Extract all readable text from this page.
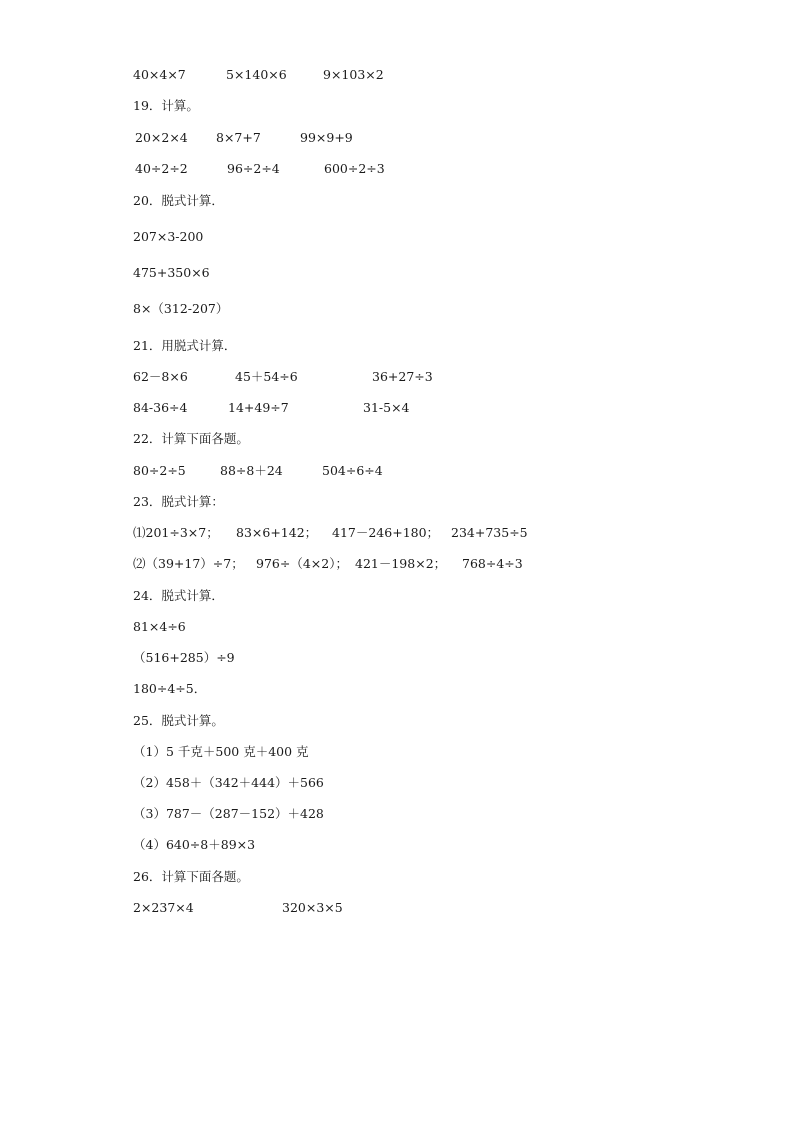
40×4×7	5×140×6	9×103×2
19．计算。
20×2×4 8×7+7	99×9+9
40÷2÷2	96÷2÷4	600÷2÷3
20．脱式计算．
207×3-200
475+350×6
8×（312-207）
21．用脱式计算．
62－8×6	45＋54÷6	36+27÷3
84-36÷4	14+49÷7	31-5×4
22．计算下面各题。
80÷2÷5	88÷8＋24	504÷6÷4
23．脱式计算：
⑴201÷3×7； 83×6+142； 417－246+180； 234+735÷5
⑵（39+17）÷7； 976÷（4×2）； 421－198×2； 768÷4÷3
24．脱式计算．
81×4÷6
（516+285）÷9
180÷4÷5．
25．脱式计算。
（1）5 千克＋500 克＋400 克
（2）458＋（342＋444）＋566
（3）787－（287－152）＋428
（4）640÷8＋89×3
26．计算下面各题。
2×237×4	320×3×5
